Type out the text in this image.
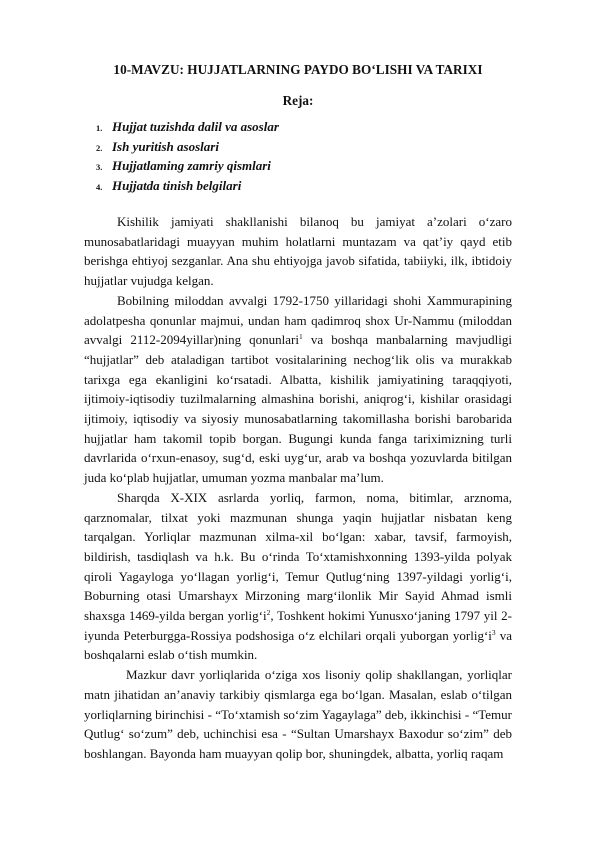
10-MAVZU: HUJJATLARNING PAYDO BO‘LISHI VA TARIXI
Reja:
1. Hujjat tuzishda dalil va asoslar
2. Ish yuritish asoslari
3. Hujjatlaming zamriy qismlari
4. Hujjatda tinish belgilari

Kishilik jamiyati shakllanishi bilanoq bu jamiyat a’zolari o‘zaro munosabatlaridagi muayyan muhim holatlarni muntazam va qat’iy qayd etib berishga ehtiyoj sezganlar. Ana shu ehtiyojga javob sifatida, tabiiyki, ilk, ibtidoiy hujjatlar vujudga kelgan.

Bobilning miloddan avvalgi 1792-1750 yillaridagi shohi Xammurapining adolatpesha qonunlar majmui, undan ham qadimroq shox Ur-Nammu (miloddan avvalgi 2112-2094yillar)ning qonunlari$^1$ va boshqa manbalarning mavjudligi “hujjatlar” deb ataladigan tartibot vositalarining nechog‘lik olis va murakkab tarixga ega ekanligini ko‘rsatadi. Albatta, kishilik jamiyatining taraqqiyoti, ijtimoiy-iqtisodiy tuzilmalarning almashina borishi, aniqrog‘i, kishilar orasidagi ijtimoiy, iqtisodiy va siyosiy munosabatlarning takomillasha borishi barobarida hujjatlar ham takomil topib borgan. Bugungi kunda fanga tariximizning turli davrlarida o‘rxun-enasoy, sug‘d, eski uyg‘ur, arab va boshqa yozuvlarda bitilgan juda ko‘plab hujjatlar, umuman yozma manbalar ma’lum.

Sharqda X-XIX asrlarda yorliq, farmon, noma, bitimlar, arznoma, qarznomalar, tilxat yoki mazmunan shunga yaqin hujjatlar nisbatan keng tarqalgan. Yorliqlar mazmunan xilma-xil bo‘lgan: xabar, tavsif, farmoyish, bildirish, tasdiqlash va h.k. Bu o‘rinda To‘xtamishxonning 1393-yilda polyak qiroli Yagayloga yo‘llagan yorlig‘i, Temur Qutlug‘ning 1397-yildagi yorlig‘i, Boburning otasi Umarshayx Mirzoning marg‘ilonlik Mir Sayid Ahmad ismli shaxsga 1469-yilda bergan $yorlig‘i^2$, Toshkent hokimi Yunusxo‘janing 1797 yil 2-iyunda Peterburgga-Rossiya podshosiga o‘z elchilari orqali yuborgan $yorlig‘i^3$ va boshqalarni eslab o‘tish mumkin.

Mazkur davr yorliqlarida o‘ziga xos lisoniy qolip shakllangan, yorliqlar matn jihatidan an’anaviy tarkibiy qismlarga ega bo‘lgan. Masalan, eslab o‘tilgan yorliqlarning birinchisi - “To‘xtamish so‘zim Yagaylaga” deb, ikkinchisi - “Temur Qutlug‘ so‘zum” deb, uchinchisi esa - “Sultan Umarshayx Baxodur so‘zim” deb boshlangan. Bayonda ham muayyan qolip bor, shuningdek, albatta, yorliq raqam
